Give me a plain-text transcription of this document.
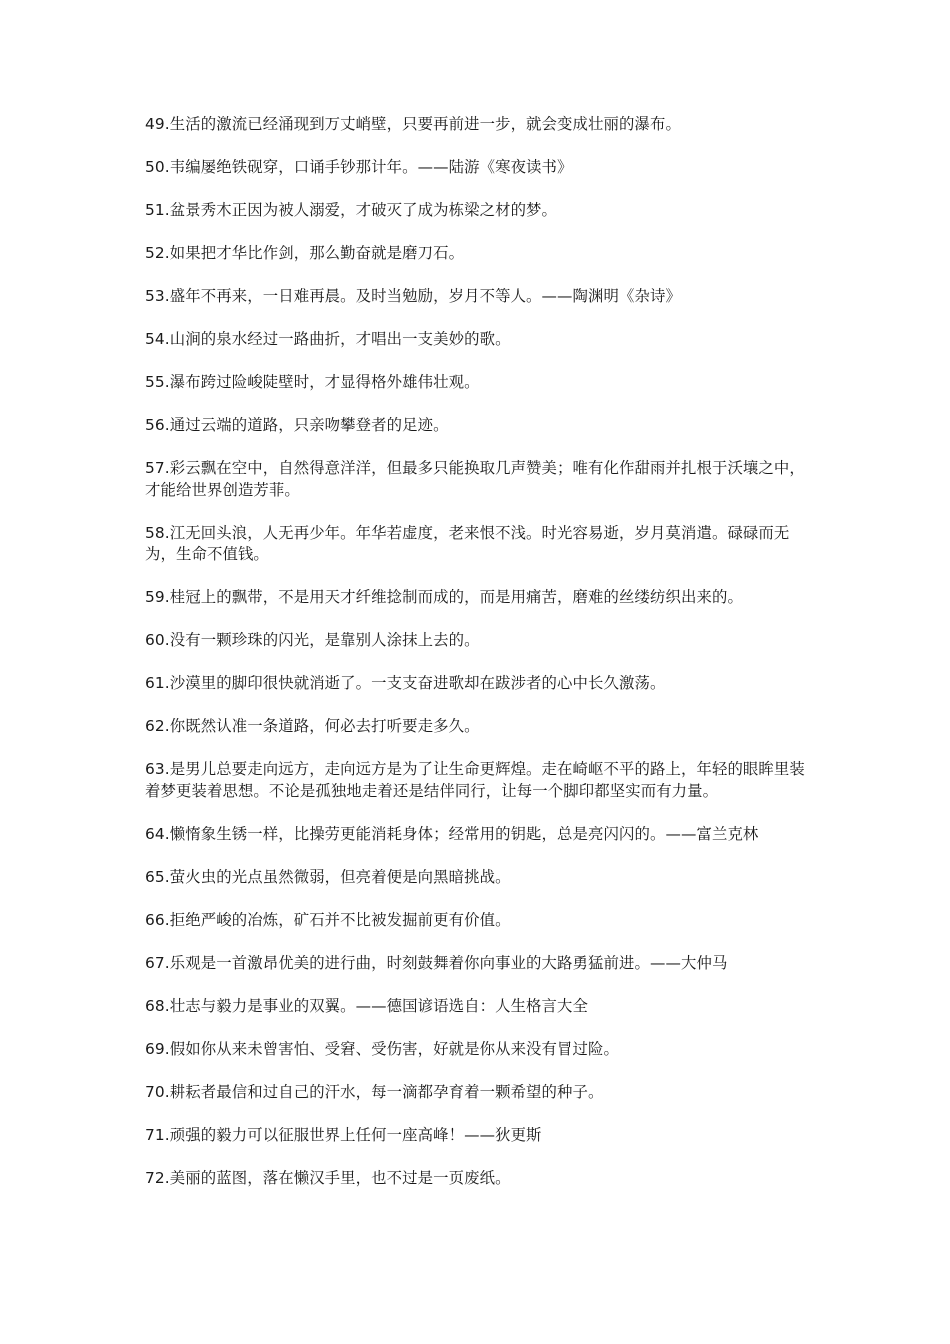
49.生活的激流已经涌现到万丈峭壁，只要再前进一步，就会变成壮丽的瀑布。
50.韦编屡绝铁砚穿，口诵手钞那计年。——陆游《寒夜读书》
51.盆景秀木正因为被人溺爱，才破灭了成为栋梁之材的梦。
52.如果把才华比作剑，那么勤奋就是磨刀石。
53.盛年不再来，一日难再晨。及时当勉励，岁月不等人。——陶渊明《杂诗》
54.山涧的泉水经过一路曲折，才唱出一支美妙的歌。
55.瀑布跨过险峻陡壁时，才显得格外雄伟壮观。
56.通过云端的道路，只亲吻攀登者的足迹。
57.彩云飘在空中，自然得意洋洋，但最多只能换取几声赞美；唯有化作甜雨并扎根于沃壤之中，才能给世界创造芳菲。
58.江无回头浪，人无再少年。年华若虚度，老来恨不浅。时光容易逝，岁月莫消遣。碌碌而无为，生命不值钱。
59.桂冠上的飘带，不是用天才纤维捻制而成的，而是用痛苦，磨难的丝缕纺织出来的。
60.没有一颗珍珠的闪光，是靠别人涂抹上去的。
61.沙漠里的脚印很快就消逝了。一支支奋进歌却在跋涉者的心中长久激荡。
62.你既然认准一条道路，何必去打听要走多久。
63.是男儿总要走向远方，走向远方是为了让生命更辉煌。走在崎岖不平的路上，年轻的眼眸里装着梦更装着思想。不论是孤独地走着还是结伴同行，让每一个脚印都坚实而有力量。
64.懒惰象生锈一样，比操劳更能消耗身体；经常用的钥匙，总是亮闪闪的。——富兰克林
65.萤火虫的光点虽然微弱，但亮着便是向黑暗挑战。
66.拒绝严峻的冶炼，矿石并不比被发掘前更有价值。
67.乐观是一首激昂优美的进行曲，时刻鼓舞着你向事业的大路勇猛前进。——大仲马
68.壮志与毅力是事业的双翼。——德国谚语选自：人生格言大全
69.假如你从来未曾害怕、受窘、受伤害，好就是你从来没有冒过险。
70.耕耘者最信和过自己的汗水，每一滴都孕育着一颗希望的种子。
71.顽强的毅力可以征服世界上任何一座高峰！——狄更斯
72.美丽的蓝图，落在懒汉手里，也不过是一页废纸。
